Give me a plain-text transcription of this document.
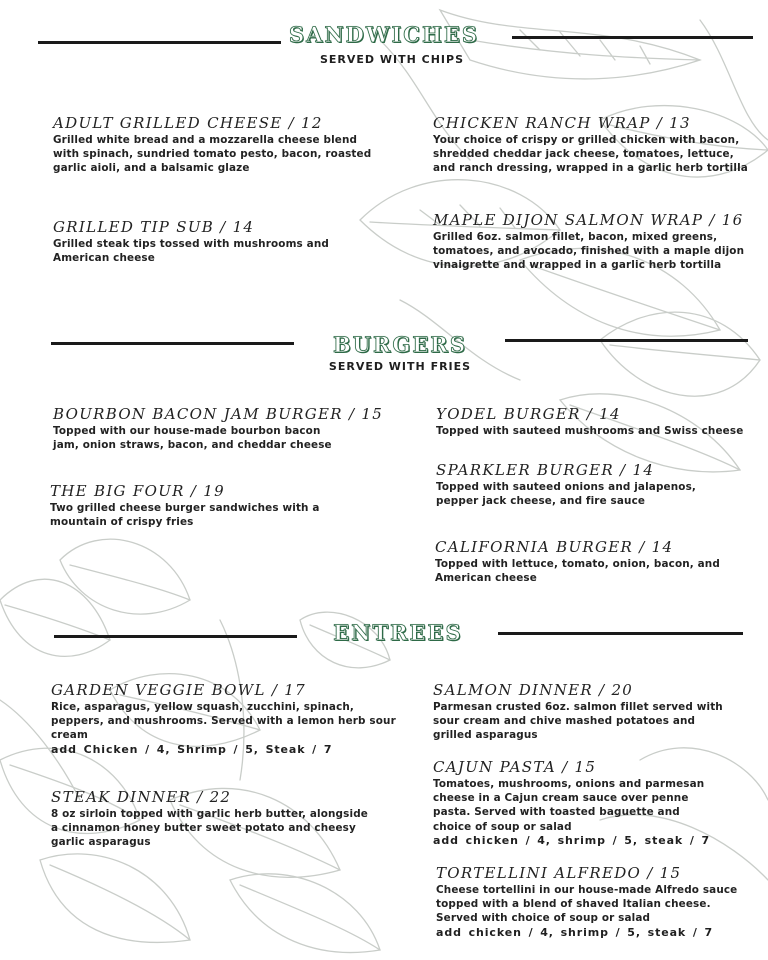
SANDWICHES
SERVED WITH CHIPS
ADULT GRILLED CHEESE / 12
Grilled white bread and a mozzarella cheese blend with spinach, sundried tomato pesto, bacon, roasted garlic aioli, and a balsamic glaze
CHICKEN RANCH WRAP / 13
Your choice of crispy or grilled chicken with bacon, shredded cheddar jack cheese, tomatoes, lettuce, and ranch dressing, wrapped in a garlic herb tortilla
GRILLED TIP SUB / 14
Grilled steak tips tossed with mushrooms and American cheese
MAPLE DIJON SALMON WRAP / 16
Grilled 6oz. salmon fillet, bacon, mixed greens, tomatoes, and avocado, finished with a maple dijon vinaigrette and wrapped in a garlic herb tortilla
BURGERS
SERVED WITH FRIES
BOURBON BACON JAM BURGER / 15
Topped with our house-made bourbon bacon jam, onion straws, bacon, and cheddar cheese
YODEL BURGER / 14
Topped with sauteed mushrooms and Swiss cheese
SPARKLER BURGER / 14
Topped with sauteed onions and jalapenos, pepper jack cheese, and fire sauce
THE BIG FOUR / 19
Two grilled cheese burger sandwiches with a mountain of crispy fries
CALIFORNIA BURGER / 14
Topped with lettuce, tomato, onion, bacon, and American cheese
ENTREES
GARDEN VEGGIE BOWL / 17
Rice, asparagus, yellow squash, zucchini, spinach, peppers, and mushrooms. Served with a lemon herb sour cream
add Chicken / 4, Shrimp / 5, Steak / 7
SALMON DINNER / 20
Parmesan crusted 6oz. salmon fillet served with sour cream and chive mashed potatoes and grilled asparagus
CAJUN PASTA / 15
Tomatoes, mushrooms, onions and parmesan cheese in a Cajun cream sauce over penne pasta. Served with toasted baguette and choice of soup or salad
add chicken / 4, shrimp / 5, steak / 7
STEAK DINNER / 22
8 oz sirloin topped with garlic herb butter, alongside a cinnamon honey butter sweet potato and cheesy garlic asparagus
TORTELLINI ALFREDO / 15
Cheese tortellini in our house-made Alfredo sauce topped with a blend of shaved Italian cheese. Served with choice of soup or salad
add chicken / 4, shrimp / 5, steak / 7
